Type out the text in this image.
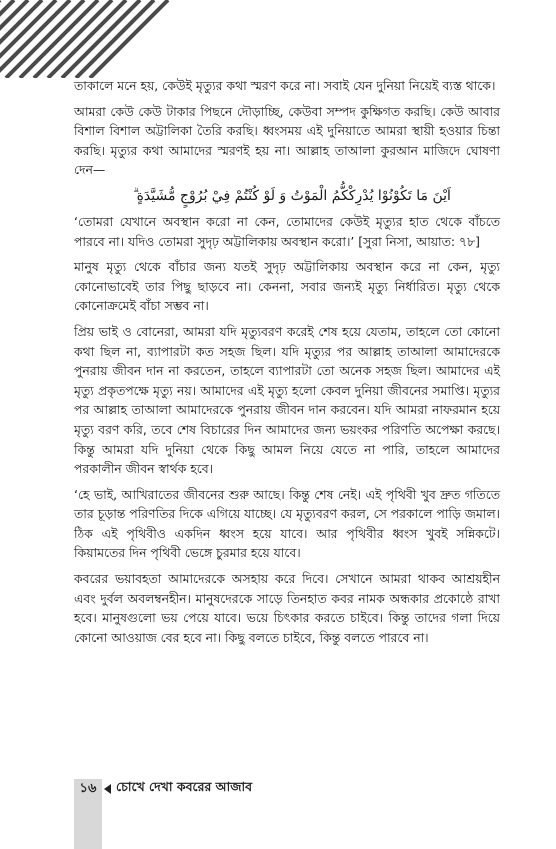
তাকালে মনে হয়, কেউই মৃত্যুর কথা স্মরণ করে না। সবাই যেন দুনিয়া নিয়েই ব্যস্ত থাকে।

আমরা কেউ কেউ টাকার পিছনে দৌড়াচ্ছি, কেউবা সম্পদ কুক্ষিগত করছি। কেউ আবার বিশাল বিশাল অট্টালিকা তৈরি করছি। ধ্বংসময় এই দুনিয়াতে আমরা স্থায়ী হওয়ার চিন্তা করছি। মৃত্যুর কথা আমাদের স্মরণই হয় না। আল্লাহ তাআলা কুরআন মাজিদে ঘোষণা দেন—

اَيْنَ مَا تَكُوْنُوْا يُدْرِكْكُّمُ الْمَوْتُ وَ لَوْ كُنْتُمْ فِيْ بُرُوْجٍ مُّشَيَّدَةٍ ۗ

‘তোমরা যেখানে অবস্থান করো না কেন, তোমাদের কেউই মৃত্যুর হাত থেকে বাঁচতে পারবে না। যদিও তোমরা সুদৃঢ় অট্টালিকায় অবস্থান করো।’ [সুরা নিসা, আয়াত: ৭৮]

মানুষ মৃত্যু থেকে বাঁচার জন্য যতই সুদৃঢ় অট্টালিকায় অবস্থান করে না কেন, মৃত্যু কোনোভাবেই তার পিছু ছাড়বে না। কেননা, সবার জন্যই মৃত্যু নির্ধারিত। মৃত্যু থেকে কোনোক্রমেই বাঁচা সম্ভব না।

প্রিয় ভাই ও বোনেরা, আমরা যদি মৃত্যুবরণ করেই শেষ হয়ে যেতাম, তাহলে তো কোনো কথা ছিল না, ব্যাপারটা কত সহজ ছিল। যদি মৃত্যুর পর আল্লাহ তাআলা আমাদেরকে পুনরায় জীবন দান না করতেন, তাহলে ব্যাপারটা তো অনেক সহজ ছিল। আমাদের এই মৃত্যু প্রকৃতপক্ষে মৃত্যু নয়। আমাদের এই মৃত্যু হলো কেবল দুনিয়া জীবনের সমাপ্তি। মৃত্যুর পর আল্লাহ তাআলা আমাদেরকে পুনরায় জীবন দান করবেন। যদি আমরা নাফরমান হয়ে মৃত্যু বরণ করি, তবে শেষ বিচারের দিন আমাদের জন্য ভয়ংকর পরিণতি অপেক্ষা করছে। কিন্তু আমরা যদি দুনিয়া থেকে কিছু আমল নিয়ে যেতে না পারি, তাহলে আমাদের পরকালীন জীবন স্বার্থক হবে।

‘হে ভাই, আখিরাতের জীবনের শুরু আছে। কিন্তু শেষ নেই। এই পৃথিবী খুব দ্রুত গতিতে তার চূড়ান্ত পরিণতির দিকে এগিয়ে যাচ্ছে। যে মৃত্যুবরণ করল, সে পরকালে পাড়ি জমাল। ঠিক এই পৃথিবীও একদিন ধ্বংস হয়ে যাবে। আর পৃথিবীর ধ্বংস খুবই সন্নিকটে। কিয়ামতের দিন পৃথিবী ভেঙ্গে চুরমার হয়ে যাবে।

কবরের ভয়াবহতা আমাদেরকে অসহায় করে দিবে। সেখানে আমরা থাকব আশ্রয়হীন এবং দুর্বল অবলম্বনহীন। মানুষদেরকে সাড়ে তিনহাত কবর নামক অন্ধকার প্রকোষ্ঠে রাখা হবে। মানুষগুলো ভয় পেয়ে যাবে। ভয়ে চিৎকার করতে চাইবে। কিন্তু তাদের গলা দিয়ে কোনো আওয়াজ বের হবে না। কিছু বলতে চাইবে, কিন্তু বলতে পারবে না।

১৬	চোখে দেখা কবরের আজাব
